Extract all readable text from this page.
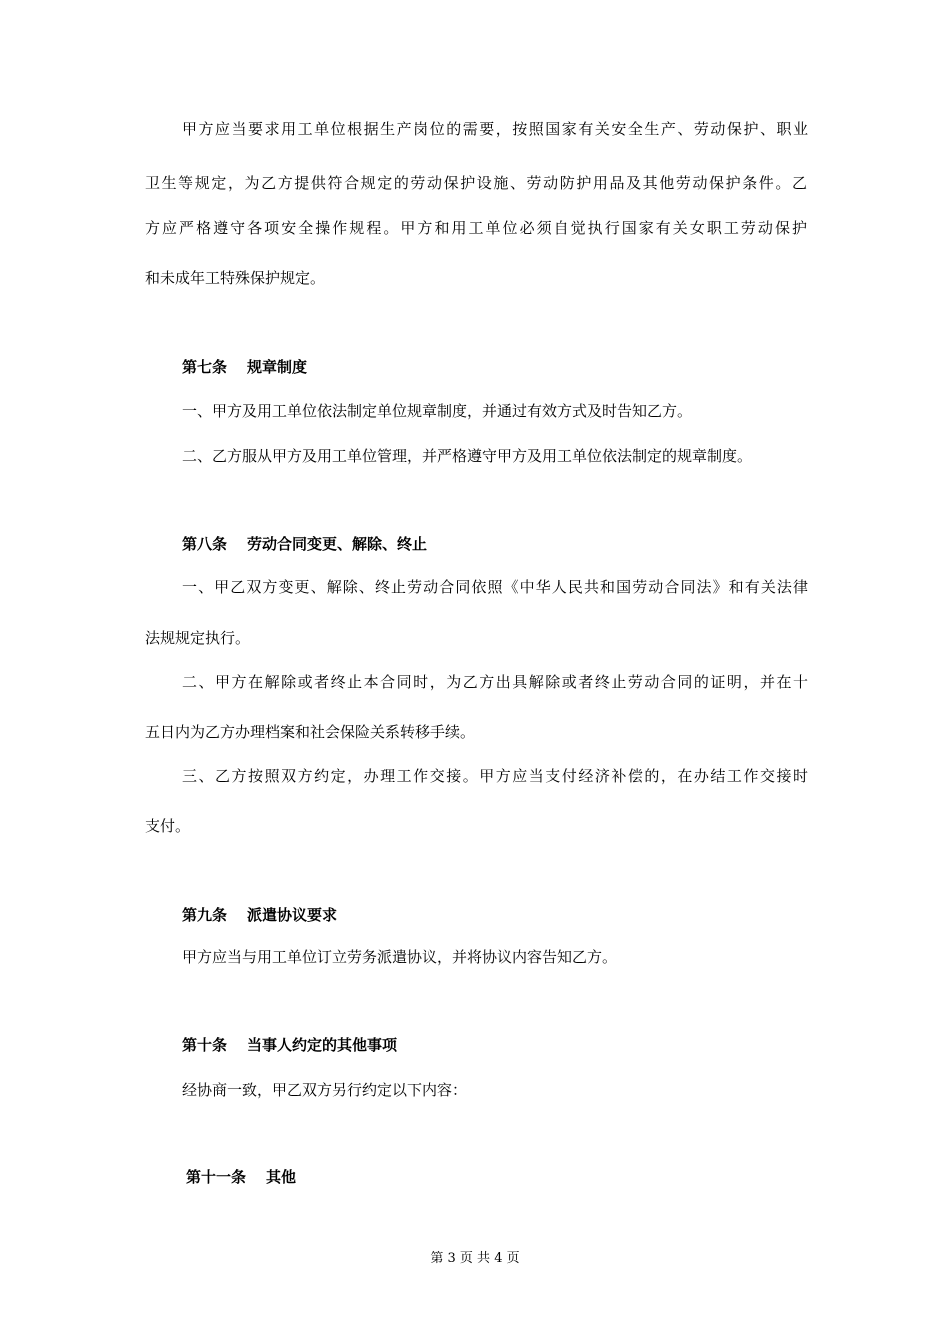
甲方应当要求用工单位根据生产岗位的需要，按照国家有关安全生产、劳动保护、职业

卫生等规定，为乙方提供符合规定的劳动保护设施、劳动防护用品及其他劳动保护条件。乙

方应严格遵守各项安全操作规程。甲方和用工单位必须自觉执行国家有关女职工劳动保护

和未成年工特殊保护规定。

第七条 规章制度

一、甲方及用工单位依法制定单位规章制度，并通过有效方式及时告知乙方。

二、乙方服从甲方及用工单位管理，并严格遵守甲方及用工单位依法制定的规章制度。

第八条 劳动合同变更、解除、终止

一、甲乙双方变更、解除、终止劳动合同依照《中华人民共和国劳动合同法》和有关法律

法规规定执行。

二、甲方在解除或者终止本合同时，为乙方出具解除或者终止劳动合同的证明，并在十

五日内为乙方办理档案和社会保险关系转移手续。

三、乙方按照双方约定，办理工作交接。甲方应当支付经济补偿的，在办结工作交接时

支付。

第九条 派遣协议要求

甲方应当与用工单位订立劳务派遣协议，并将协议内容告知乙方。

第十条 当事人约定的其他事项

经协商一致，甲乙双方另行约定以下内容：

第十一条 其他

第 3 页 共 4 页
